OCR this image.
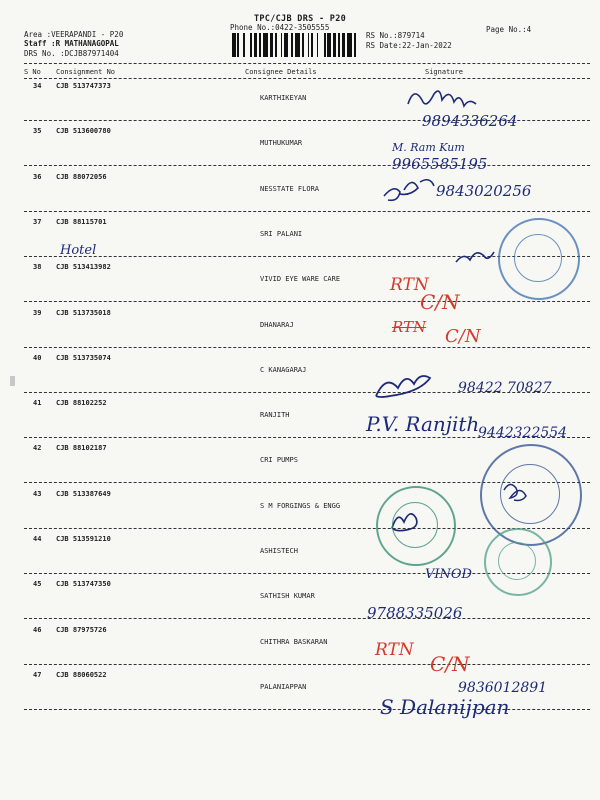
TPC/CJB DRS - P20
Phone No.:0422-3505555
Area :VEERAPANDI - P20
Staff :R MATHANAGOPAL
DRS No. :DCJB87971404
RS No.:879714
RS Date:22-Jan-2022
Page No.:4
S No Consignment No	Consignee Details	Signature
34 CJB 513747373
KARTHIKEYAN
35 CJB 513600780
MUTHUKUMAR
36 CJB 88072056
NESSTATE FLORA
37 CJB 88115701
SRI PALANI
38 CJB 513413982
VIVID EYE WARE CARE
39 CJB 513735018
DHANARAJ
40 CJB 513735074
C KANAGARAJ
41 CJB 88102252
RANJITH
42 CJB 88102187
CRI PUMPS
43 CJB 513387649
S M FORGINGS & ENGG
44 CJB 513591210
ASHISTECH
45 CJB 513747350
SATHISH KUMAR
46 CJB 87975726
CHITHRA BASKARAN
47 CJB 88060522
PALANIAPPAN
9894336264
M. Ram Kum
9965585195
9843020256
Hotel
RTN
C/N
RTN C/N
98422 70827
P.V. Ranjith
9442322554
VINOD
9788335026
RTN
C/N
9836012891
S Dalanijpan
